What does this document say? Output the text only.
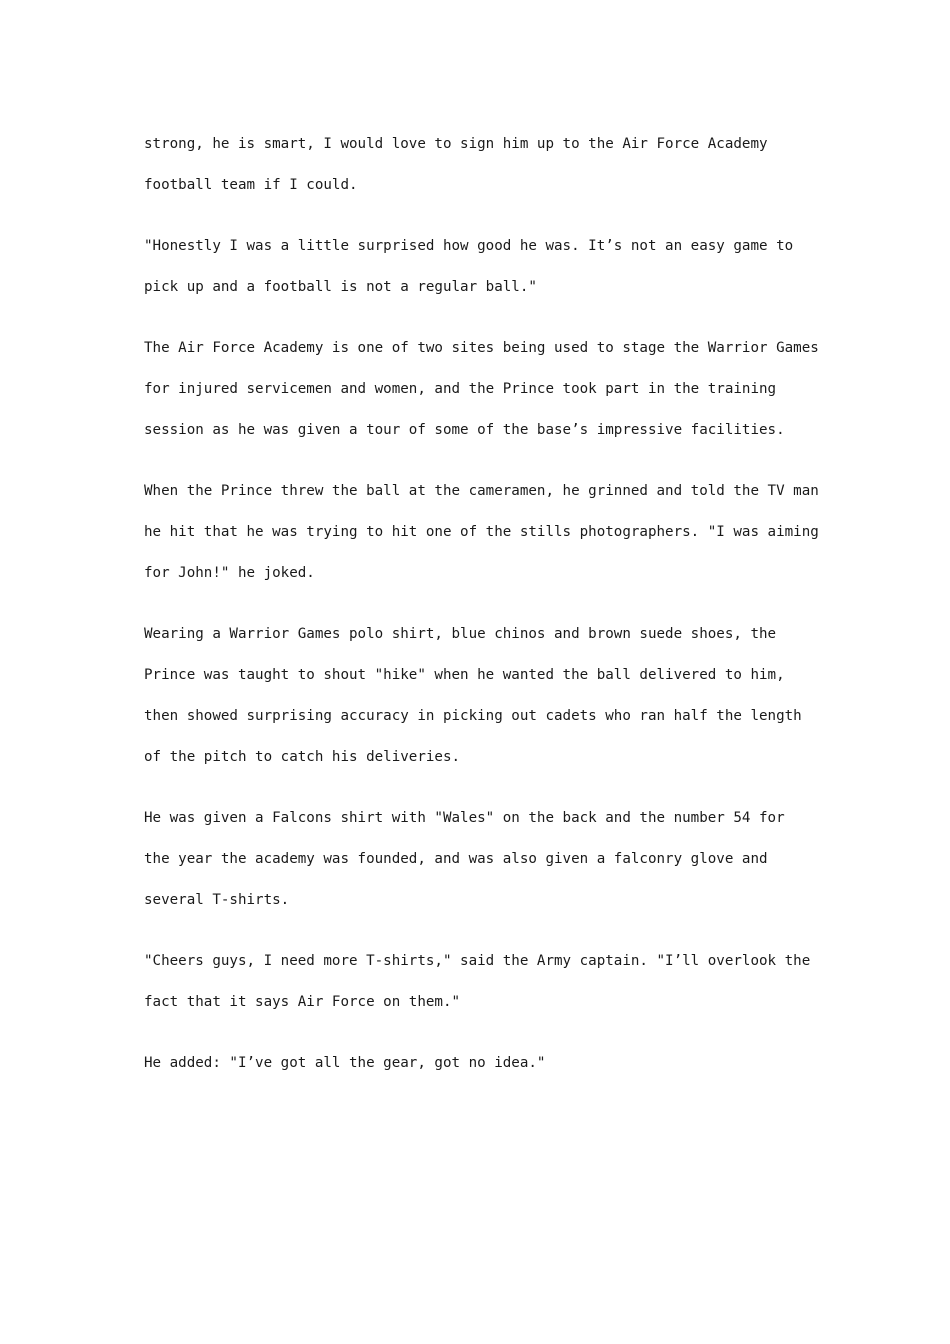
strong, he is smart, I would love to sign him up to the Air Force Academy
football team if I could.

"Honestly I was a little surprised how good he was. It’s not an easy game to
pick up and a football is not a regular ball."

The Air Force Academy is one of two sites being used to stage the Warrior Games
for injured servicemen and women, and the Prince took part in the training
session as he was given a tour of some of the base’s impressive facilities.

When the Prince threw the ball at the cameramen, he grinned and told the TV man
he hit that he was trying to hit one of the stills photographers. "I was aiming
for John!" he joked.

Wearing a Warrior Games polo shirt, blue chinos and brown suede shoes, the
Prince was taught to shout "hike" when he wanted the ball delivered to him,
then showed surprising accuracy in picking out cadets who ran half the length
of the pitch to catch his deliveries.

He was given a Falcons shirt with "Wales" on the back and the number 54 for
the year the academy was founded, and was also given a falconry glove and
several T-shirts.

"Cheers guys, I need more T-shirts," said the Army captain. "I’ll overlook the
fact that it says Air Force on them."

He added: "I’ve got all the gear, got no idea."
